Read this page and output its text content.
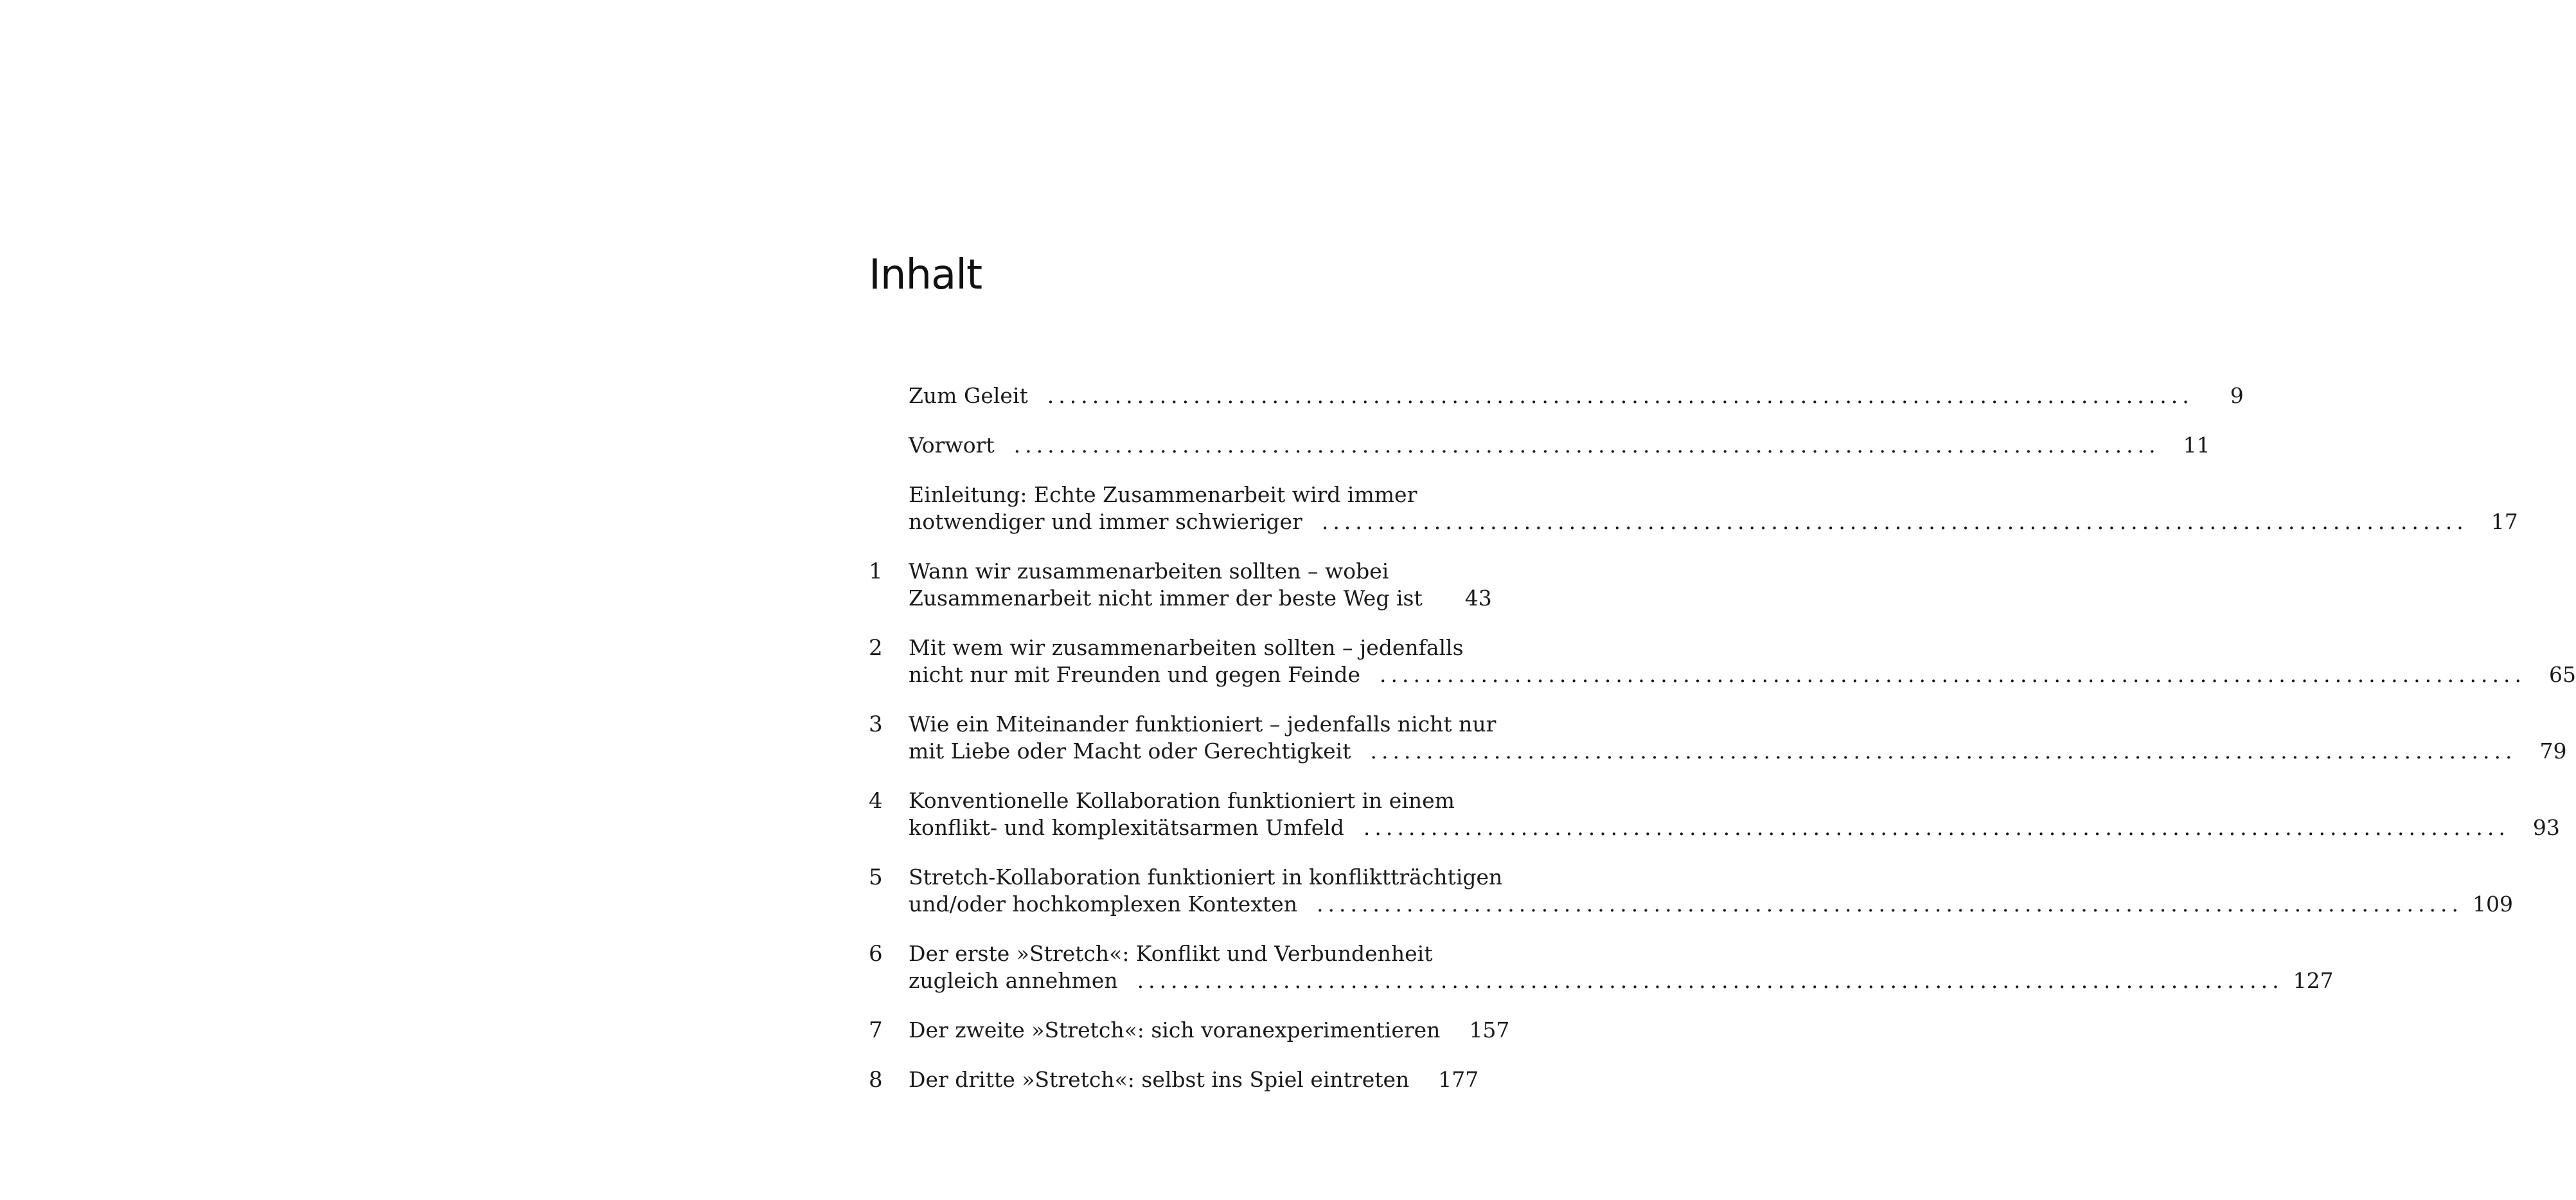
Inhalt
Zum Geleit ......................................................................................................	9
Vorwort ......................................................................................................	11
Einleitung: Echte Zusammenarbeit wird immer
notwendiger und immer schwieriger ......................................................................................................	17
1	Wann wir zusammenarbeiten sollten – wobei
Zusammenarbeit nicht immer der beste Weg ist	43
2	Mit wem wir zusammenarbeiten sollten – jedenfalls
nicht nur mit Freunden und gegen Feinde ......................................................................................................	65
3	Wie ein Miteinander funktioniert – jedenfalls nicht nur
mit Liebe oder Macht oder Gerechtigkeit ......................................................................................................	79
4	Konventionelle Kollaboration funktioniert in einem
konflikt- und komplexitätsarmen Umfeld ......................................................................................................	93
5	Stretch-Kollaboration funktioniert in konfliktträchtigen
und/oder hochkomplexen Kontexten ...................................................................................................... 109
6	Der erste »Stretch«: Konflikt und Verbundenheit
zugleich annehmen ...................................................................................................... 127
7	Der zweite »Stretch«: sich voranexperimentieren 157
8	Der dritte »Stretch«: selbst ins Spiel eintreten 177
